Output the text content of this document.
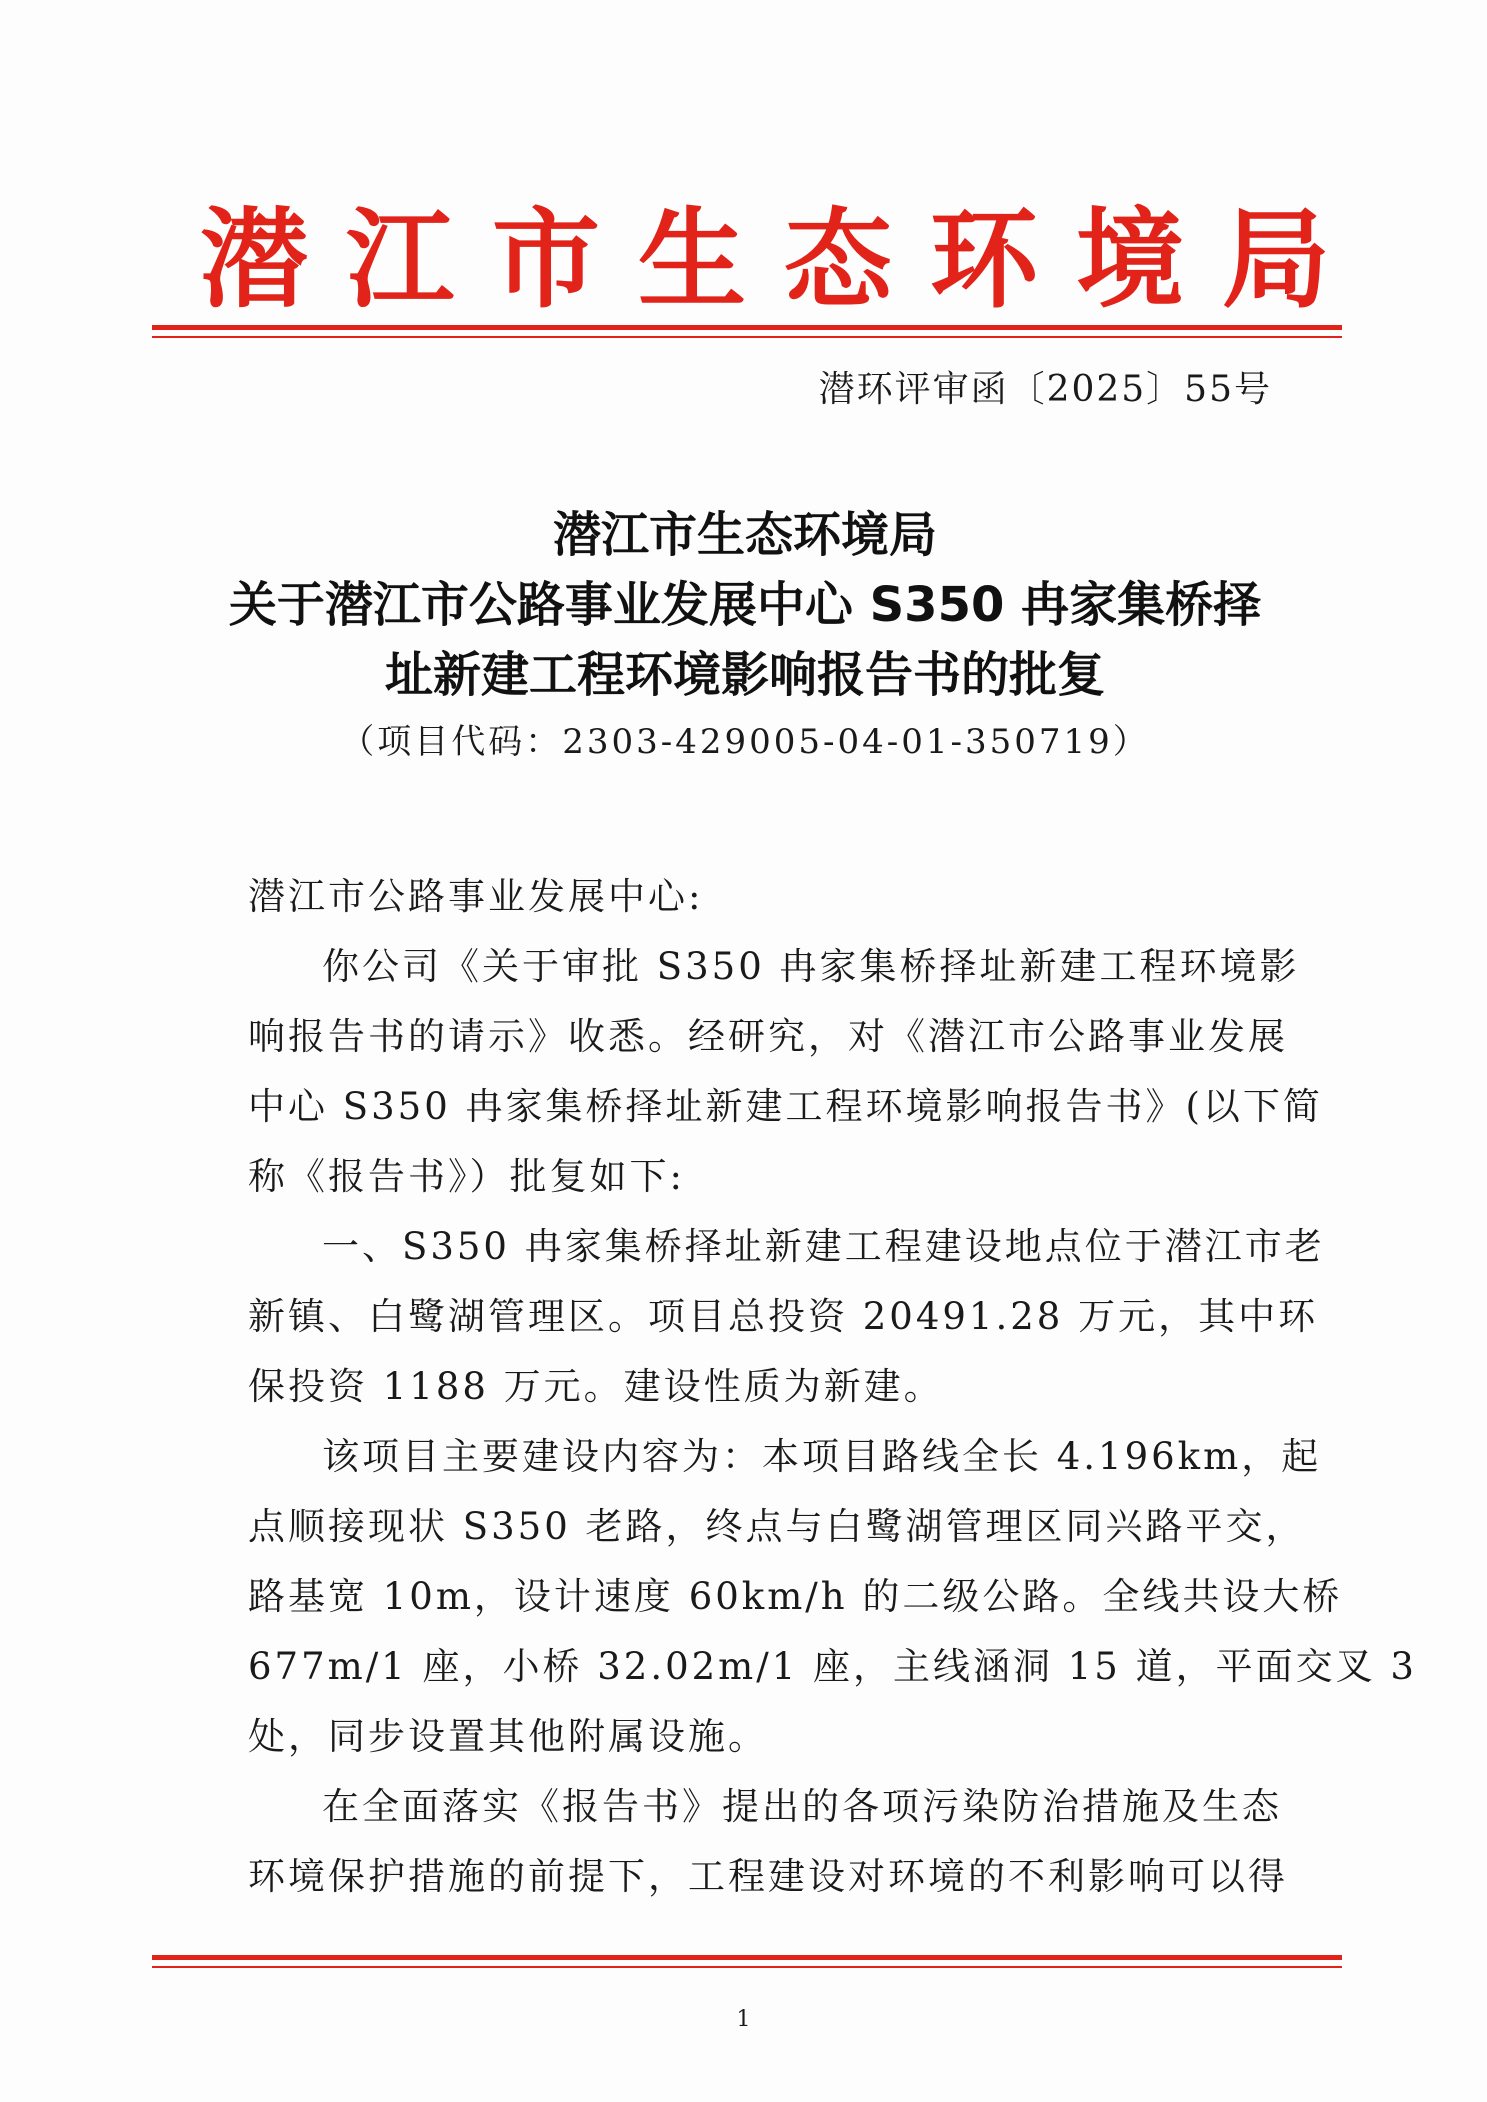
潜江市生态环境局
潜环评审函〔2025〕55号
潜江市生态环境局
关于潜江市公路事业发展中心 S350 冉家集桥择
址新建工程环境影响报告书的批复
（项目代码：2303-429005-04-01-350719）
潜江市公路事业发展中心:
你公司《关于审批 S350 冉家集桥择址新建工程环境影
响报告书的请示》收悉。经研究，对《潜江市公路事业发展
中心 S350 冉家集桥择址新建工程环境影响报告书》(以下简
称《报告书》）批复如下:
一、S350 冉家集桥择址新建工程建设地点位于潜江市老
新镇、白鹭湖管理区。项目总投资 20491.28 万元，其中环
保投资 1188 万元。建设性质为新建。
该项目主要建设内容为：本项目路线全长 4.196km，起
点顺接现状 S350 老路，终点与白鹭湖管理区同兴路平交，
路基宽 10m，设计速度 60km/h 的二级公路。全线共设大桥
677m/1 座，小桥 32.02m/1 座，主线涵洞 15 道，平面交叉 3
处，同步设置其他附属设施。
在全面落实《报告书》提出的各项污染防治措施及生态
环境保护措施的前提下，工程建设对环境的不利影响可以得
1
